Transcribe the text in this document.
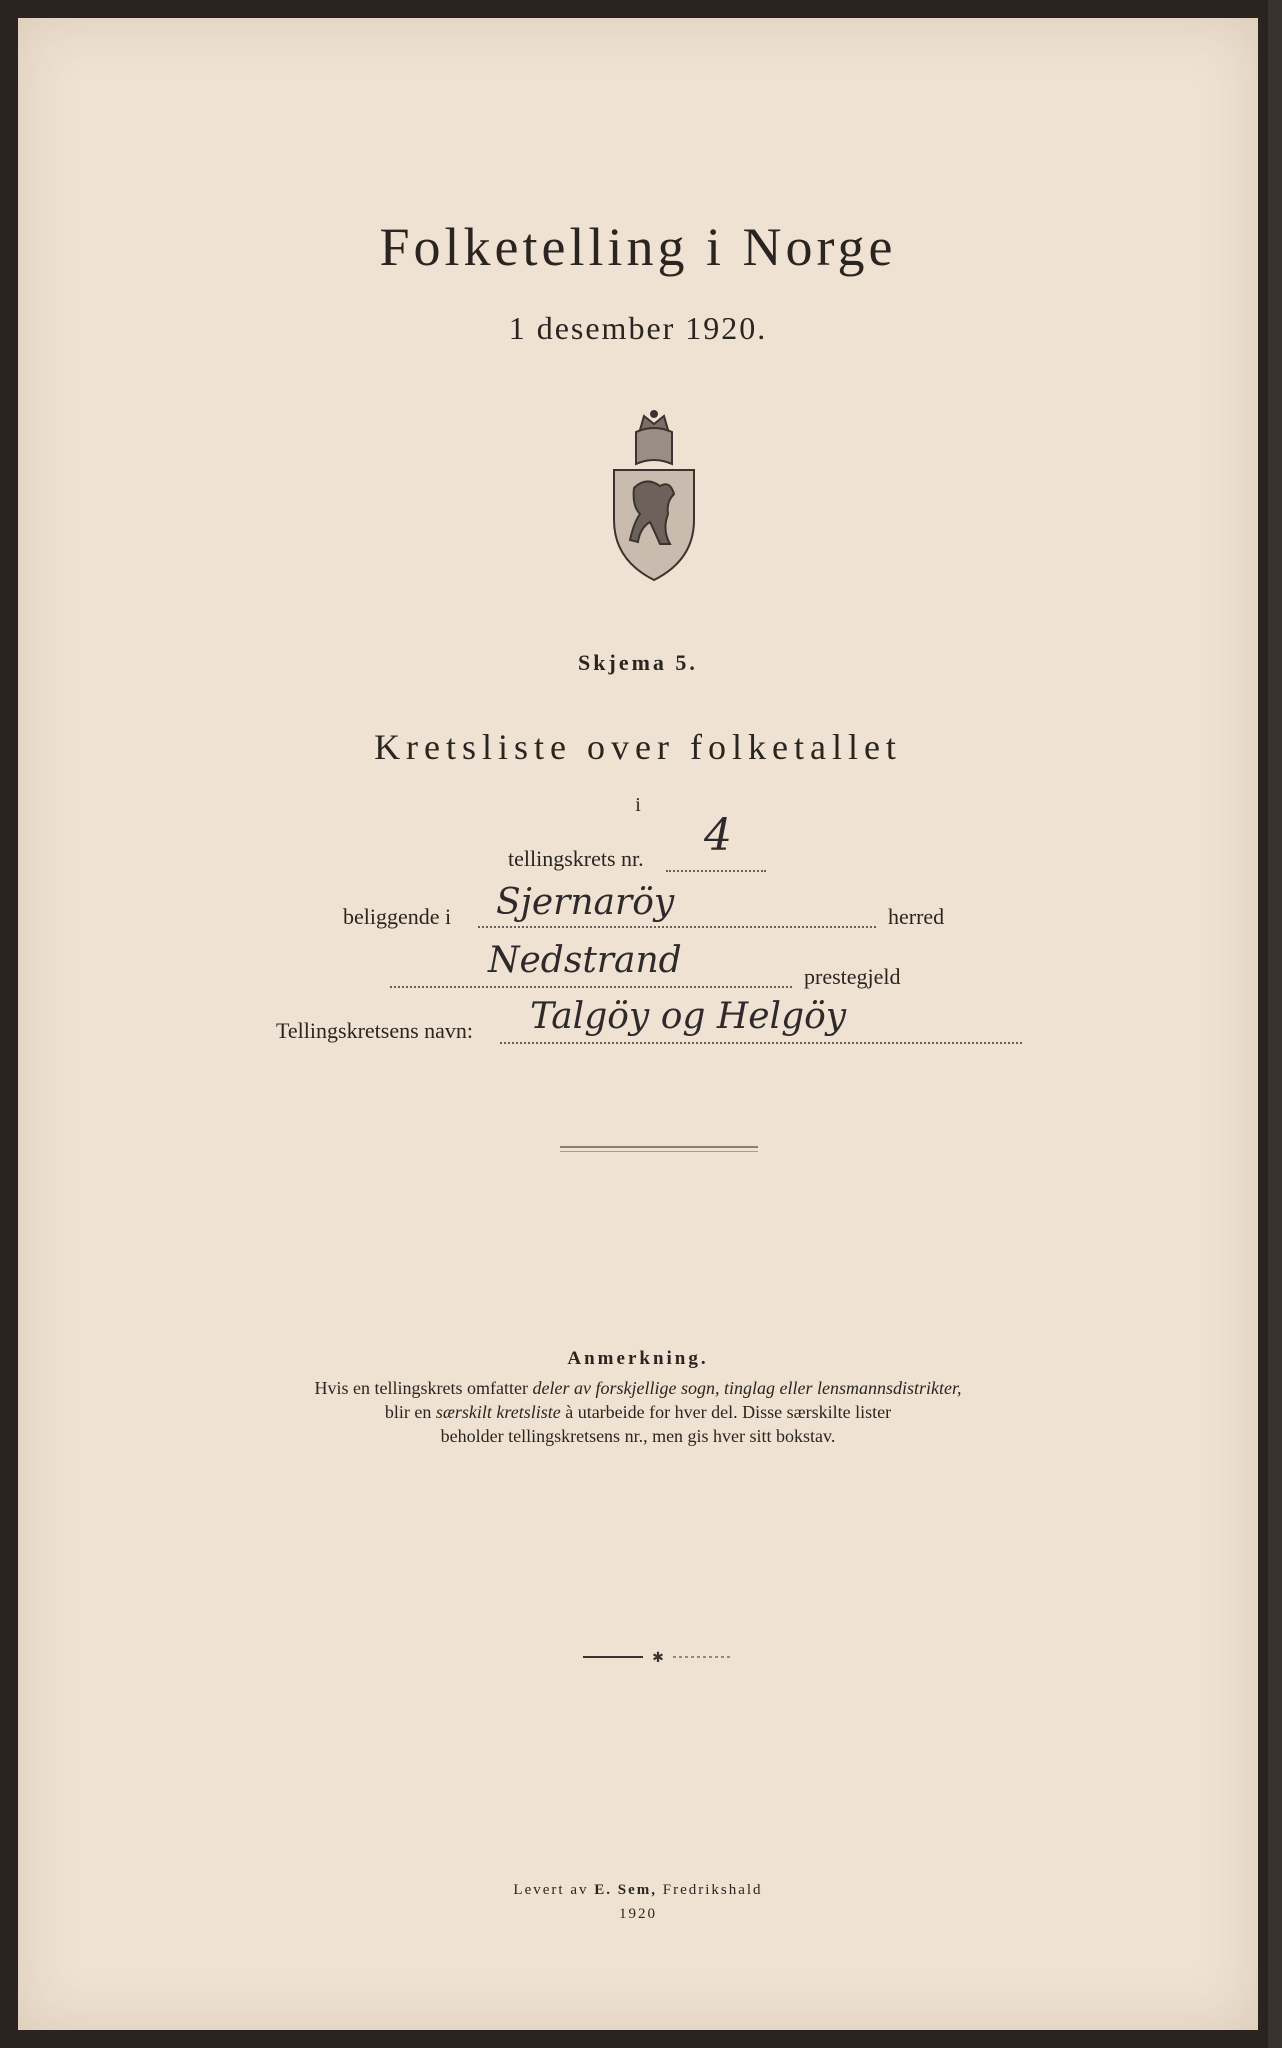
Folketelling i Norge
1 desember 1920.
Skjema 5.
Kretsliste over folketallet
i
tellingskrets nr. 4
beliggende i Sjernaröy	herred
Nedstrand	prestegjeld
Tellingskretsens navn: Talgöy og Helgöy
Anmerkning.
Hvis en tellingskrets omfatter deler av forskjellige sogn, tinglag eller lensmannsdistrikter,
blir en særskilt kretsliste à utarbeide for hver del. Disse særskilte lister
beholder tellingskretsens nr., men gis hver sitt bokstav.
✱
Levert av E. Sem, Fredrikshald
1920
